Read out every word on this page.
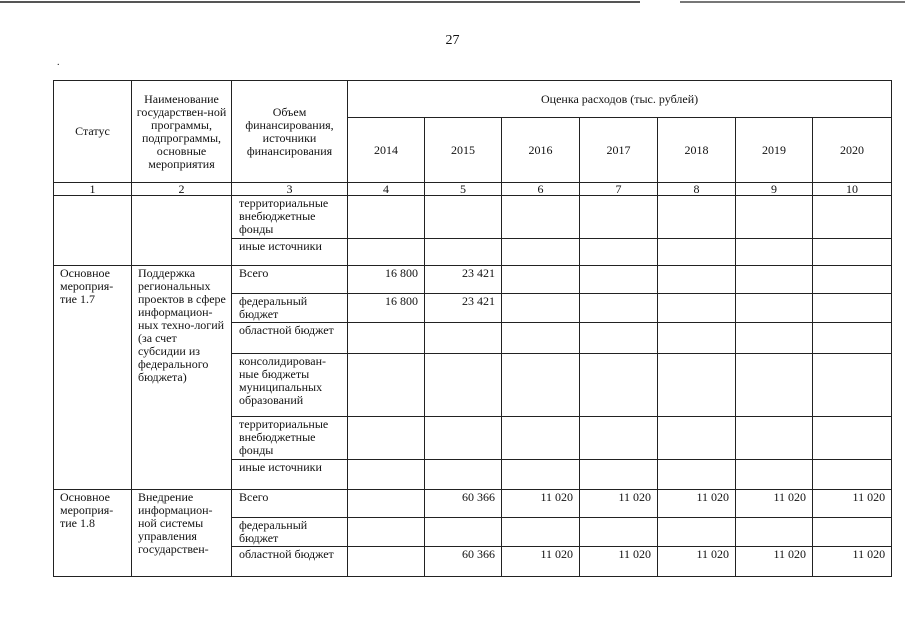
27
.
Статус	Наименование государствен-ной программы, подпрограммы, основные мероприятия	Объем финансирования, источники финансирования	Оценка расходов (тыс. рублей)						
			2014	2015	2016	2017	2018	2019	2020
1	2	3	4	5	6	7	8	9	10
		территориальные внебюджетные фонды							
		иные источники							
Основное мероприя-тие 1.7	Поддержка региональных проектов в сфере информацион-ных техно-логий (за счет субсидии из федерального бюджета)	Всего	16 800	23 421					
		федеральный бюджет	16 800	23 421					
		областной бюджет							
		консолидирован-ные бюджеты муниципальных образований							
		территориальные внебюджетные фонды							
		иные источники							
Основное мероприя-тие 1.8	Внедрение информацион-ной системы управления государствен-	Всего		60 366	11 020	11 020	11 020	11 020	11 020
		федеральный бюджет							
		областной бюджет		60 366	11 020	11 020	11 020	11 020	11 020
